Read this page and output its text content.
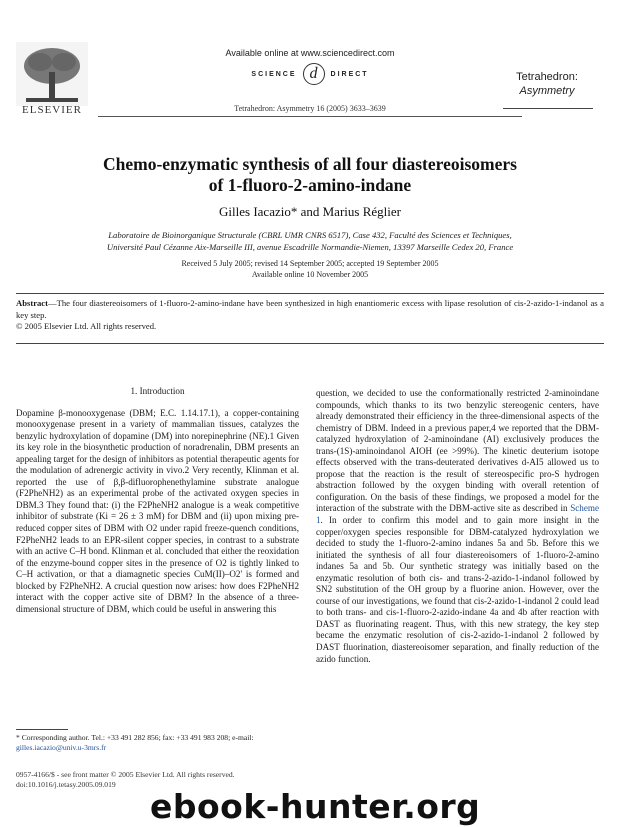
ELSEVIER
Available online at www.sciencedirect.com
SCIENCE d	DIRECT
Tetrahedron: Asymmetry 16 (2005) 3633–3639
Tetrahedron:
Asymmetry
Chemo-enzymatic synthesis of all four diastereoisomers
of 1-fluoro-2-amino-indane
Gilles Iacazio* and Marius Réglier
Laboratoire de Bioinorganique Structurale (CBRL UMR CNRS 6517), Case 432, Faculté des Sciences et Techniques,
Université Paul Cézanne Aix-Marseille III, avenue Escadrille Normandie-Niemen, 13397 Marseille Cedex 20, France
Received 5 July 2005; revised 14 September 2005; accepted 19 September 2005
Available online 10 November 2005
Abstract—The four diastereoisomers of 1-fluoro-2-amino-indane have been synthesized in high enantiomeric excess with lipase resolution of cis-2-azido-1-indanol as a key step.
© 2005 Elsevier Ltd. All rights reserved.
1. Introduction

Dopamine β-monooxygenase (DBM; E.C. 1.14.17.1), a copper-containing monooxygenase present in a variety of mammalian tissues, catalyzes the benzylic hydroxylation of dopamine (DM) into norepinephrine (NE).1 Given its key role in the biosynthetic production of noradrenalin, DBM presents an appealing target for the design of inhibitors as potential therapeutic agents for the modulation of adrenergic activity in vivo.2 Very recently, Klinman et al. reported the use of β,β-difluorophenethylamine substrate analogue (F2PheNH2) as an experimental probe of the activated oxygen species in DBM.3 They found that: (i) the F2PheNH2 analogue is a weak competitive inhibitor of substrate (Ki = 26 ± 3 mM) for DBM and (ii) upon mixing pre-reduced copper sites of DBM with O2 under rapid freeze-quench conditions, F2PheNH2 leads to an EPR-silent copper species, in contrast to a substrate with an active C–H bond. Klinman et al. concluded that either the reoxidation of the enzyme-bound copper sites in the presence of O2 is tightly linked to C–H activation, or that a diamagnetic species CuM(II)–O2' is formed and blocked by F2PheNH2. A crucial question now arises: how does F2PheNH2 interact with the copper active site of DBM? In the absence of a three-dimensional structure of DBM, which could be useful in answering this

question, we decided to use the conformationally restricted 2-aminoindane compounds, which thanks to its two benzylic stereogenic centers, have already demonstrated their efficiency in the three-dimensional aspects of the chemistry of DBM. Indeed in a previous paper,4 we reported that the DBM-catalyzed hydroxylation of 2-aminoindane (AI) exclusively produces the trans-(1S)-aminoindanol AIOH (ee >99%). The kinetic deuterium isotope effects observed with the trans-deuterated derivatives d-AI5 allowed us to propose that the reaction is the result of stereospecific pro-S hydrogen abstraction followed by the oxygen binding with overall retention of configuration. On the basis of these findings, we proposed a model for the interaction of the substrate with the DBM-active site as described in Scheme 1. In order to confirm this model and to gain more insight in the copper/oxygen species responsible for DBM-catalyzed hydroxylation we decided to study the 1-fluoro-2-amino indanes 5a and 5b. Before this we initiated the synthesis of all four diastereoisomers of 1-fluoro-2-amino indanes 5a and 5b. Our synthetic strategy was initially based on the enzymatic resolution of both cis- and trans-2-azido-1-indanol followed by SN2 substitution of the OH group by a fluorine anion. However, over the course of our investigations, we found that cis-2-azido-1-indanol 2 could lead to both trans- and cis-1-fluoro-2-azido-indane 4a and 4b after reaction with DAST as fluorinating reagent. Thus, with this new strategy, the key step became the enzymatic resolution of cis-2-azido-1-indanol 2 followed by DAST fluorination, diastereoisomer separation, and finally reduction of the azido function.

* Corresponding author. Tel.: +33 491 282 856; fax: +33 491 983 208; e-mail: gilles.iacazio@univ.u-3mrs.fr
0957-4166/$ - see front matter © 2005 Elsevier Ltd. All rights reserved.
doi:10.1016/j.tetasy.2005.09.019
ebook-hunter.org
